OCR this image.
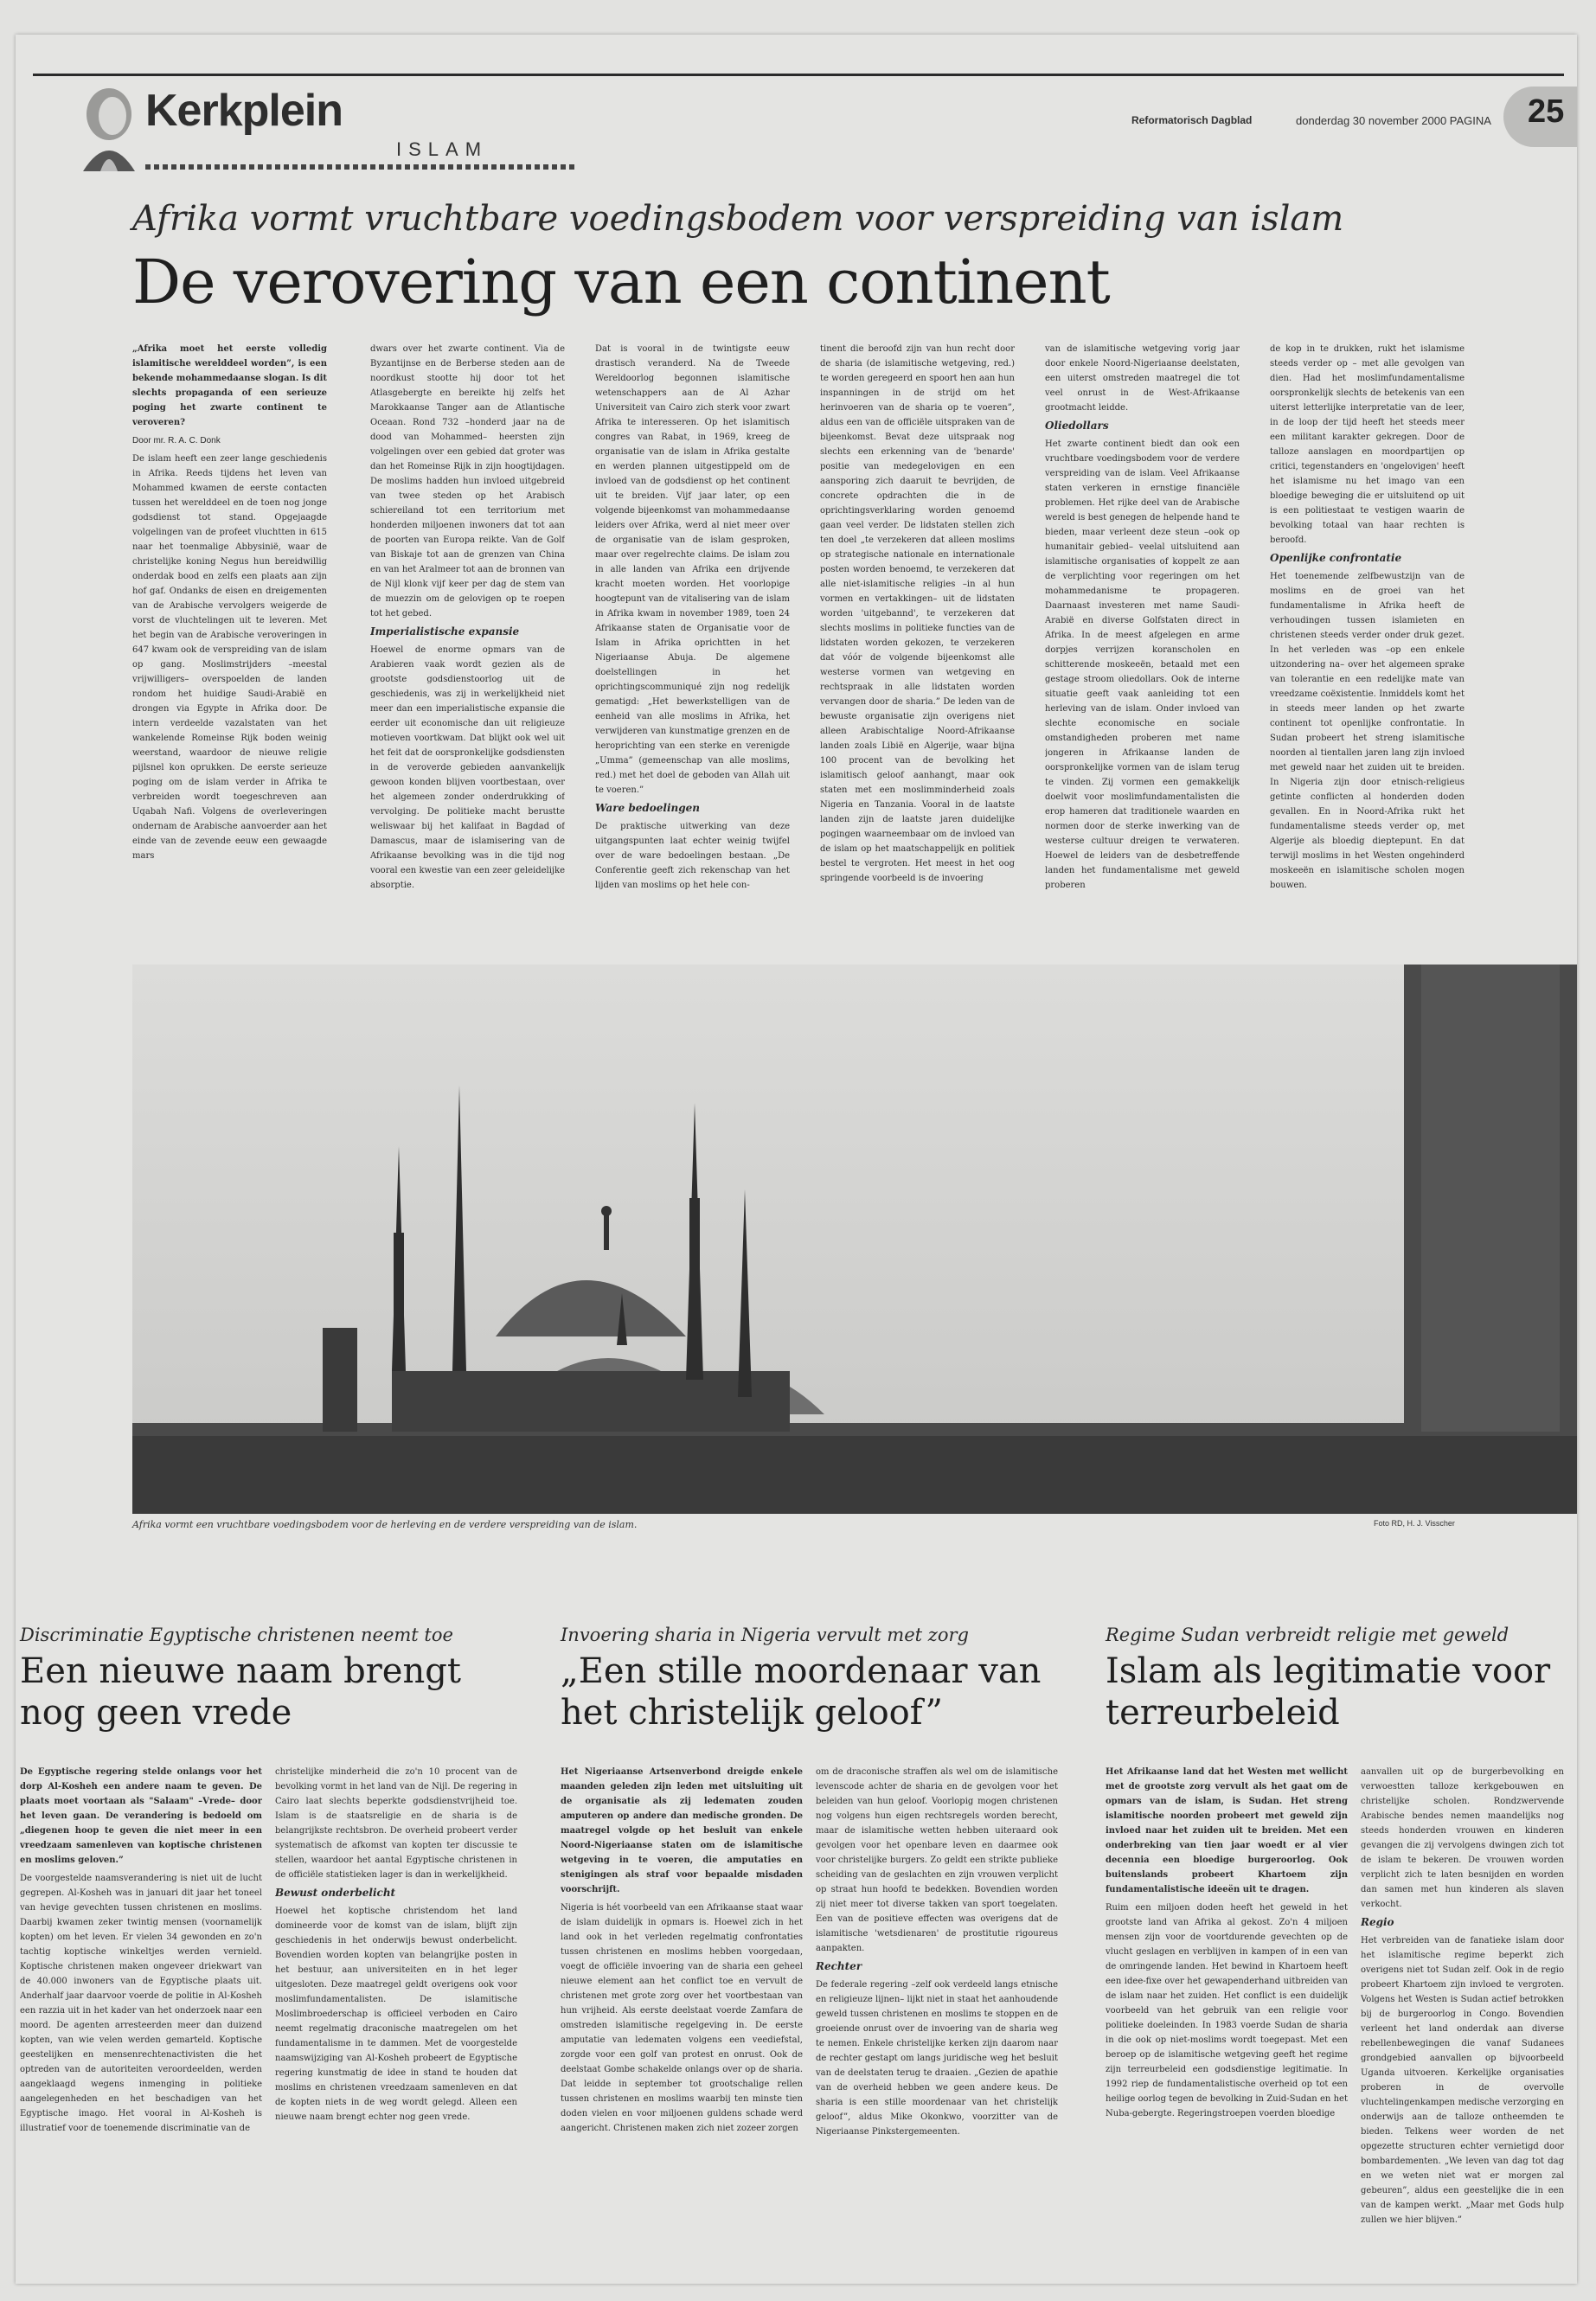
Kerkplein
ISLAM
Reformatorisch Dagblad	donderdag 30 november 2000 PAGINA 25
Afrika vormt vruchtbare voedingsbodem voor verspreiding van islam
De verovering van een continent

„Afrika moet het eerste volledig islamitische werelddeel worden”, is een bekende mohammedaanse slogan. Is dit slechts propaganda of een serieuze poging het zwarte continent te veroveren?

Door mr. R. A. C. Donk

De islam heeft een zeer lange geschiedenis in Afrika. Reeds tijdens het leven van Mohammed kwamen de eerste contacten tussen het werelddeel en de toen nog jonge godsdienst tot stand. Opgejaagde volgelingen van de profeet vluchtten in 615 naar het toenmalige Abbysinië, waar de christelijke koning Negus hun bereidwillig onderdak bood en zelfs een plaats aan zijn hof gaf. Ondanks de eisen en dreigementen van de Arabische vervolgers weigerde de vorst de vluchtelingen uit te leveren. Met het begin van de Arabische veroveringen in 647 kwam ook de verspreiding van de islam op gang. Moslimstrijders –meestal vrijwilligers– overspoelden de landen rondom het huidige Saudi-Arabië en drongen via Egypte in Afrika door. De intern verdeelde vazalstaten van het wankelende Romeinse Rijk boden weinig weerstand, waardoor de nieuwe religie pijlsnel kon oprukken. De eerste serieuze poging om de islam verder in Afrika te verbreiden wordt toegeschreven aan Uqabah Nafi. Volgens de overleveringen ondernam de Arabische aanvoerder aan het einde van de zevende eeuw een gewaagde mars

dwars over het zwarte continent. Via de Byzantijnse en de Berberse steden aan de noordkust stootte hij door tot het Atlasgebergte en bereikte hij zelfs het Marokkaanse Tanger aan de Atlantische Oceaan. Rond 732 –honderd jaar na de dood van Mohammed– heersten zijn volgelingen over een gebied dat groter was dan het Romeinse Rijk in zijn hoogtijdagen. De moslims hadden hun invloed uitgebreid van twee steden op het Arabisch schiereiland tot een territorium met honderden miljoenen inwoners dat tot aan de poorten van Europa reikte. Van de Golf van Biskaje tot aan de grenzen van China en van het Aralmeer tot aan de bronnen van de Nijl klonk vijf keer per dag de stem van de muezzin om de gelovigen op te roepen tot het gebed.

Imperialistische expansie

Hoewel de enorme opmars van de Arabieren vaak wordt gezien als de grootste godsdienstoorlog uit de geschiedenis, was zij in werkelijkheid niet meer dan een imperialistische expansie die eerder uit economische dan uit religieuze motieven voortkwam. Dat blijkt ook wel uit het feit dat de oorspronkelijke godsdiensten in de veroverde gebieden aanvankelijk gewoon konden blijven voortbestaan, over het algemeen zonder onderdrukking of vervolging. De politieke macht berustte weliswaar bij het kalifaat in Bagdad of Damascus, maar de islamisering van de Afrikaanse bevolking was in die tijd nog vooral een kwestie van een zeer geleidelijke absorptie.

Dat is vooral in de twintigste eeuw drastisch veranderd. Na de Tweede Wereldoorlog begonnen islamitische wetenschappers aan de Al Azhar Universiteit van Cairo zich sterk voor zwart Afrika te interesseren. Op het islamitisch congres van Rabat, in 1969, kreeg de organisatie van de islam in Afrika gestalte en werden plannen uitgestippeld om de invloed van de godsdienst op het continent uit te breiden. Vijf jaar later, op een volgende bijeenkomst van mohammedaanse leiders over Afrika, werd al niet meer over de organisatie van de islam gesproken, maar over regelrechte claims. De islam zou in alle landen van Afrika een drijvende kracht moeten worden. Het voorlopige hoogtepunt van de vitalisering van de islam in Afrika kwam in november 1989, toen 24 Afrikaanse staten de Organisatie voor de Islam in Afrika oprichtten in het Nigeriaanse Abuja. De algemene doelstellingen in het oprichtingscommuniqué zijn nog redelijk gematigd: „Het bewerkstelligen van de eenheid van alle moslims in Afrika, het verwijderen van kunstmatige grenzen en de heroprichting van een sterke en verenigde „Umma” (gemeenschap van alle moslims, red.) met het doel de geboden van Allah uit te voeren.”

Ware bedoelingen

De praktische uitwerking van deze uitgangspunten laat echter weinig twijfel over de ware bedoelingen bestaan. „De Conferentie geeft zich rekenschap van het lijden van moslims op het hele con-

tinent die beroofd zijn van hun recht door de sharia (de islamitische wetgeving, red.) te worden geregeerd en spoort hen aan hun inspanningen in de strijd om het herinvoeren van de sharia op te voeren”, aldus een van de officiële uitspraken van de bijeenkomst. Bevat deze uitspraak nog slechts een erkenning van de 'benarde' positie van medegelovigen en een aansporing zich daaruit te bevrijden, de concrete opdrachten die in de oprichtingsverklaring worden genoemd gaan veel verder. De lidstaten stellen zich ten doel „te verzekeren dat alleen moslims op strategische nationale en internationale posten worden benoemd, te verzekeren dat alle niet-islamitische religies –in al hun vormen en vertakkingen– uit de lidstaten worden 'uitgebannd', te verzekeren dat slechts moslims in politieke functies van de lidstaten worden gekozen, te verzekeren dat vóór de volgende bijeenkomst alle westerse vormen van wetgeving en rechtspraak in alle lidstaten worden vervangen door de sharia.” De leden van de bewuste organisatie zijn overigens niet alleen Arabischtalige Noord-Afrikaanse landen zoals Libië en Algerije, waar bijna 100 procent van de bevolking het islamitisch geloof aanhangt, maar ook staten met een moslimminderheid zoals Nigeria en Tanzania. Vooral in de laatste landen zijn de laatste jaren duidelijke pogingen waarneembaar om de invloed van de islam op het maatschappelijk en politiek bestel te vergroten. Het meest in het oog springende voorbeeld is de invoering

van de islamitische wetgeving vorig jaar door enkele Noord-Nigeriaanse deelstaten, een uiterst omstreden maatregel die tot veel onrust in de West-Afrikaanse grootmacht leidde.

Oliedollars

Het zwarte continent biedt dan ook een vruchtbare voedingsbodem voor de verdere verspreiding van de islam. Veel Afrikaanse staten verkeren in ernstige financiële problemen. Het rijke deel van de Arabische wereld is best genegen de helpende hand te bieden, maar verleent deze steun –ook op humanitair gebied– veelal uitsluitend aan islamitische organisaties of koppelt ze aan de verplichting voor regeringen om het mohammedanisme te propageren. Daarnaast investeren met name Saudi-Arabië en diverse Golfstaten direct in Afrika. In de meest afgelegen en arme dorpjes verrijzen koranscholen en schitterende moskeeën, betaald met een gestage stroom oliedollars. Ook de interne situatie geeft vaak aanleiding tot een herleving van de islam. Onder invloed van slechte economische en sociale omstandigheden proberen met name jongeren in Afrikaanse landen de oorspronkelijke vormen van de islam terug te vinden. Zij vormen een gemakkelijk doelwit voor moslimfundamentalisten die erop hameren dat traditionele waarden en normen door de sterke inwerking van de westerse cultuur dreigen te verwateren. Hoewel de leiders van de desbetreffende landen het fundamentalisme met geweld proberen

de kop in te drukken, rukt het islamisme steeds verder op – met alle gevolgen van dien. Had het moslimfundamentalisme oorspronkelijk slechts de betekenis van een uiterst letterlijke interpretatie van de leer, in de loop der tijd heeft het steeds meer een militant karakter gekregen. Door de talloze aanslagen en moordpartijen op critici, tegenstanders en 'ongelovigen' heeft het islamisme nu het imago van een bloedige beweging die er uitsluitend op uit is een politiestaat te vestigen waarin de bevolking totaal van haar rechten is beroofd.

Openlijke confrontatie

Het toenemende zelfbewustzijn van de moslims en de groei van het fundamentalisme in Afrika heeft de verhoudingen tussen islamieten en christenen steeds verder onder druk gezet. In het verleden was –op een enkele uitzondering na– over het algemeen sprake van tolerantie en een redelijke mate van vreedzame coëxistentie. Inmiddels komt het in steeds meer landen op het zwarte continent tot openlijke confrontatie. In Sudan probeert het streng islamitische noorden al tientallen jaren lang zijn invloed met geweld naar het zuiden uit te breiden. In Nigeria zijn door etnisch-religieus getinte conflicten al honderden doden gevallen. En in Noord-Afrika rukt het fundamentalisme steeds verder op, met Algerije als bloedig dieptepunt. En dat terwijl moslims in het Westen ongehinderd moskeeën en islamitische scholen mogen bouwen.

Afrika vormt een vruchtbare voedingsbodem voor de herleving en de verdere verspreiding van de islam.	Foto RD, H. J. Visscher
Discriminatie Egyptische christenen neemt toe
Een nieuwe naam brengt nog geen vrede

De Egyptische regering stelde onlangs voor het dorp Al-Kosheh een andere naam te geven. De plaats moet voortaan als "Salaam" –Vrede– door het leven gaan. De verandering is bedoeld om „diegenen hoop te geven die niet meer in een vreedzaam samenleven van koptische christenen en moslims geloven.”

De voorgestelde naamsverandering is niet uit de lucht gegrepen. Al-Kosheh was in januari dit jaar het toneel van hevige gevechten tussen christenen en moslims. Daarbij kwamen zeker twintig mensen (voornamelijk kopten) om het leven. Er vielen 34 gewonden en zo'n tachtig koptische winkeltjes werden vernield. Koptische christenen maken ongeveer driekwart van de 40.000 inwoners van de Egyptische plaats uit. Anderhalf jaar daarvoor voerde de politie in Al-Kosheh een razzia uit in het kader van het onderzoek naar een moord. De agenten arresteerden meer dan duizend kopten, van wie velen werden gemarteld. Koptische geestelijken en mensenrechtenactivisten die het optreden van de autoriteiten veroordeelden, werden aangeklaagd wegens inmenging in politieke aangelegenheden en het beschadigen van het Egyptische imago. Het vooral in Al-Kosheh is illustratief voor de toenemende discriminatie van de

christelijke minderheid die zo'n 10 procent van de bevolking vormt in het land van de Nijl. De regering in Cairo laat slechts beperkte godsdienstvrijheid toe. Islam is de staatsreligie en de sharia is de belangrijkste rechtsbron. De overheid probeert verder systematisch de afkomst van kopten ter discussie te stellen, waardoor het aantal Egyptische christenen in de officiële statistieken lager is dan in werkelijkheid.

Bewust onderbelicht

Hoewel het koptische christendom het land domineerde voor de komst van de islam, blijft zijn geschiedenis in het onderwijs bewust onderbelicht. Bovendien worden kopten van belangrijke posten in het bestuur, aan universiteiten en in het leger uitgesloten. Deze maatregel geldt overigens ook voor moslimfundamentalisten. De islamitische Moslimbroederschap is officieel verboden en Cairo neemt regelmatig draconische maatregelen om het fundamentalisme in te dammen. Met de voorgestelde naamswijziging van Al-Kosheh probeert de Egyptische regering kunstmatig de idee in stand te houden dat moslims en christenen vreedzaam samenleven en dat de kopten niets in de weg wordt gelegd. Alleen een nieuwe naam brengt echter nog geen vrede.

Invoering sharia in Nigeria vervult met zorg
„Een stille moordenaar van het christelijk geloof”

Het Nigeriaanse Artsenverbond dreigde enkele maanden geleden zijn leden met uitsluiting uit de organisatie als zij ledematen zouden amputeren op andere dan medische gronden. De maatregel volgde op het besluit van enkele Noord-Nigeriaanse staten om de islamitische wetgeving in te voeren, die amputaties en stenigingen als straf voor bepaalde misdaden voorschrijft.

Nigeria is hét voorbeeld van een Afrikaanse staat waar de islam duidelijk in opmars is. Hoewel zich in het land ook in het verleden regelmatig confrontaties tussen christenen en moslims hebben voorgedaan, voegt de officiële invoering van de sharia een geheel nieuwe element aan het conflict toe en vervult de christenen met grote zorg over het voortbestaan van hun vrijheid. Als eerste deelstaat voerde Zamfara de omstreden islamitische regelgeving in. De eerste amputatie van ledematen volgens een veediefstal, zorgde voor een golf van protest en onrust. Ook de deelstaat Gombe schakelde onlangs over op de sharia. Dat leidde in september tot grootschalige rellen tussen christenen en moslims waarbij ten minste tien doden vielen en voor miljoenen guldens schade werd aangericht. Christenen maken zich niet zozeer zorgen

om de draconische straffen als wel om de islamitische levenscode achter de sharia en de gevolgen voor het beleiden van hun geloof. Voorlopig mogen christenen nog volgens hun eigen rechtsregels worden berecht, maar de islamitische wetten hebben uiteraard ook gevolgen voor het openbare leven en daarmee ook voor christelijke burgers. Zo geldt een strikte publieke scheiding van de geslachten en zijn vrouwen verplicht op straat hun hoofd te bedekken. Bovendien worden zij niet meer tot diverse takken van sport toegelaten. Een van de positieve effecten was overigens dat de islamitische 'wetsdienaren' de prostitutie rigoureus aanpakten.

Rechter

De federale regering –zelf ook verdeeld langs etnische en religieuze lijnen– lijkt niet in staat het aanhoudende geweld tussen christenen en moslims te stoppen en de groeiende onrust over de invoering van de sharia weg te nemen. Enkele christelijke kerken zijn daarom naar de rechter gestapt om langs juridische weg het besluit van de deelstaten terug te draaien. „Gezien de apathie van de overheid hebben we geen andere keus. De sharia is een stille moordenaar van het christelijk geloof”, aldus Mike Okonkwo, voorzitter van de Nigeriaanse Pinkstergemeenten.

Regime Sudan verbreidt religie met geweld
Islam als legitimatie voor terreurbeleid

Het Afrikaanse land dat het Westen met wellicht met de grootste zorg vervult als het gaat om de opmars van de islam, is Sudan. Het streng islamitische noorden probeert met geweld zijn invloed naar het zuiden uit te breiden. Met een onderbreking van tien jaar woedt er al vier decennia een bloedige burgeroorlog. Ook buitenslands probeert Khartoem zijn fundamentalistische ideeën uit te dragen.

Ruim een miljoen doden heeft het geweld in het grootste land van Afrika al gekost. Zo'n 4 miljoen mensen zijn voor de voortdurende gevechten op de vlucht geslagen en verblijven in kampen of in een van de omringende landen. Het bewind in Khartoem heeft een idee-fixe over het gewapenderhand uitbreiden van de islam naar het zuiden. Het conflict is een duidelijk voorbeeld van het gebruik van een religie voor politieke doeleinden. In 1983 voerde Sudan de sharia in die ook op niet-moslims wordt toegepast. Met een beroep op de islamitische wetgeving geeft het regime zijn terreurbeleid een godsdienstige legitimatie. In 1992 riep de fundamentalistische overheid op tot een heilige oorlog tegen de bevolking in Zuid-Sudan en het Nuba-gebergte. Regeringstroepen voerden bloedige

aanvallen uit op de burgerbevolking en verwoestten talloze kerkgebouwen en christelijke scholen. Rondzwervende Arabische bendes nemen maandelijks nog steeds honderden vrouwen en kinderen gevangen die zij vervolgens dwingen zich tot de islam te bekeren. De vrouwen worden verplicht zich te laten besnijden en worden dan samen met hun kinderen als slaven verkocht.

Regio

Het verbreiden van de fanatieke islam door het islamitische regime beperkt zich overigens niet tot Sudan zelf. Ook in de regio probeert Khartoem zijn invloed te vergroten. Volgens het Westen is Sudan actief betrokken bij de burgeroorlog in Congo. Bovendien verleent het land onderdak aan diverse rebellenbewegingen die vanaf Sudanees grondgebied aanvallen op bijvoorbeeld Uganda uitvoeren. Kerkelijke organisaties proberen in de overvolle vluchtelingenkampen medische verzorging en onderwijs aan de talloze ontheemden te bieden. Telkens weer worden de net opgezette structuren echter vernietigd door bombardementen. „We leven van dag tot dag en we weten niet wat er morgen zal gebeuren”, aldus een geestelijke die in een van de kampen werkt. „Maar met Gods hulp zullen we hier blijven.”
